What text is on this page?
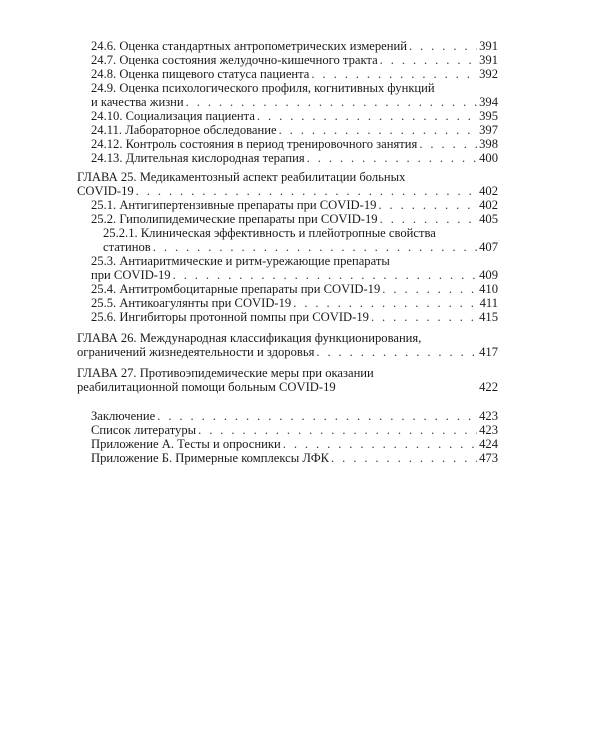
24.6. Оценка стандартных антропометрических измерений . . .	391
24.7. Оценка состояния желудочно-кишечного тракта . . .	391
24.8. Оценка пищевого статуса пациента . . .	392
24.9. Оценка психологического профиля, когнитивных функций
и качества жизни . . .	394
24.10. Социализация пациента . . .	395
24.11. Лабораторное обследование . . .	397
24.12. Контроль состояния в период тренировочного занятия . . .	398
24.13. Длительная кислородная терапия . . .	400
ГЛАВА 25. Медикаментозный аспект реабилитации больных
COVID-19 . . .	402
25.1. Антигипертензивные препараты при COVID-19 . . .	402
25.2. Гиполипидемические препараты при COVID-19 . . .	405
25.2.1. Клиническая эффективность и плейотропные свойства
статинов . . .	407
25.3. Антиаритмические и ритм-урежающие препараты
при COVID-19 . . .	409
25.4. Антитромбоцитарные препараты при COVID-19 . . .	410
25.5. Антикоагулянты при COVID-19 . . .	411
25.6. Ингибиторы протонной помпы при COVID-19 . . .	415
ГЛАВА 26. Международная классификация функционирования,
ограничений жизнедеятельности и здоровья . . .	417
ГЛАВА 27. Противоэпидемические меры при оказании
реабилитационной помощи больным COVID-19	422
Заключение . . .	423
Список литературы . . .	423
Приложение А. Тесты и опросники . . .	424
Приложение Б. Примерные комплексы ЛФК . . .	473
